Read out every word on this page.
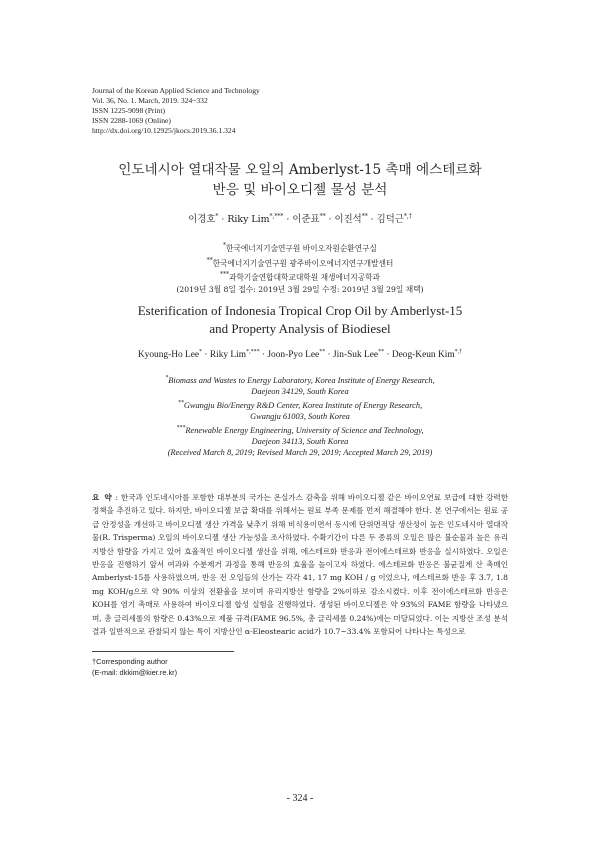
Journal of the Korean Applied Science and Technology
Vol. 36, No. 1. March, 2019. 324~332
ISSN 1225-9098 (Print)
ISSN 2288-1069 (Online)
http://dx.doi.org/10.12925/jkocs.2019.36.1.324
인도네시아 열대작물 오일의 Amberlyst-15 촉매 에스테르화
반응 및 바이오디젤 물성 분석
이경호* · Riky Lim*,*** · 이준표** · 이진석** · 김덕근*,†
*한국에너지기술연구원 바이오자원순환연구실
**한국에너지기술연구원 광주바이오에너지연구개발센터
***과학기술연합대학교대학원 재생에너지공학과
(2019년 3월 8일 접수: 2019년 3월 29일 수정: 2019년 3월 29일 채택)
Esterification of Indonesia Tropical Crop Oil by Amberlyst-15
and Property Analysis of Biodiesel
Kyoung-Ho Lee* · Riky Lim*,*** · Joon-Pyo Lee** · Jin-Suk Lee** · Deog-Keun Kim*,†
*Biomass and Wastes to Energy Laboratory, Korea Institute of Energy Research,
Daejeon 34129, South Korea
**Gwangju Bio/Energy R&D Center, Korea Institute of Energy Research,
Gwangju 61003, South Korea
***Renewable Energy Engineering, University of Science and Technology,
Daejeon 34113, South Korea
(Received March 8, 2019; Revised March 29, 2019; Accepted March 29, 2019)
요 약 : 한국과 인도네시아를 포함한 대부분의 국가는 온실가스 감축을 위해 바이오디젤 같은 바이오연료 보급에 대한 강력한 정책을 추진하고 있다. 하지만, 바이오디젤 보급 확대를 위해서는 원료 부족 문제를 먼저 해결해야 한다. 본 연구에서는 원료 공급 안정성을 개선하고 바이오디젤 생산 가격을 낮추기 위해 비식용이면서 동시에 단위면적당 생산성이 높은 인도네시아 열대작물(R. Trisperma) 오일의 바이오디젤 생산 가능성을 조사하였다. 수확기간이 다른 두 종류의 오일은 많은 불순물과 높은 유리지방산 함량을 가지고 있어 효율적인 바이오디젤 생산을 위해, 에스테르화 반응과 전이에스테르화 반응을 실시하였다. 오일은 반응을 진행하기 앞서 여과와 수분제거 과정을 통해 반응의 효율을 높이고자 하였다. 에스테르화 반응은 불균질계 산 촉매인 Amberlyst-15를 사용하였으며, 반응 전 오일들의 산가는 각각 41, 17 mg KOH / g 이었으나, 에스테르화 반응 후 3.7, 1.8 mg KOH/g으로 약 90% 이상의 전환율을 보이며 유리지방산 함량을 2%이하로 감소시켰다. 이후 전이에스테르화 반응은 KOH를 염기 촉매로 사용하여 바이오디젤 합성 실험을 진행하였다. 생성된 바이오디젤은 약 93%의 FAME 함량을 나타냈으며, 총 글리세롤의 함량은 0.43%으로 제품 규격(FAME 96.5%, 총 글리세롤 0.24%)에는 미달되었다. 이는 지방산 조성 분석 결과 일반적으로 관찰되지 않는 특이 지방산인 α-Eleostearic acid가 10.7~33.4% 포함되어 나타나는 특성으로
†Corresponding author
(E-mail: dkkim@kier.re.kr)
- 324 -
